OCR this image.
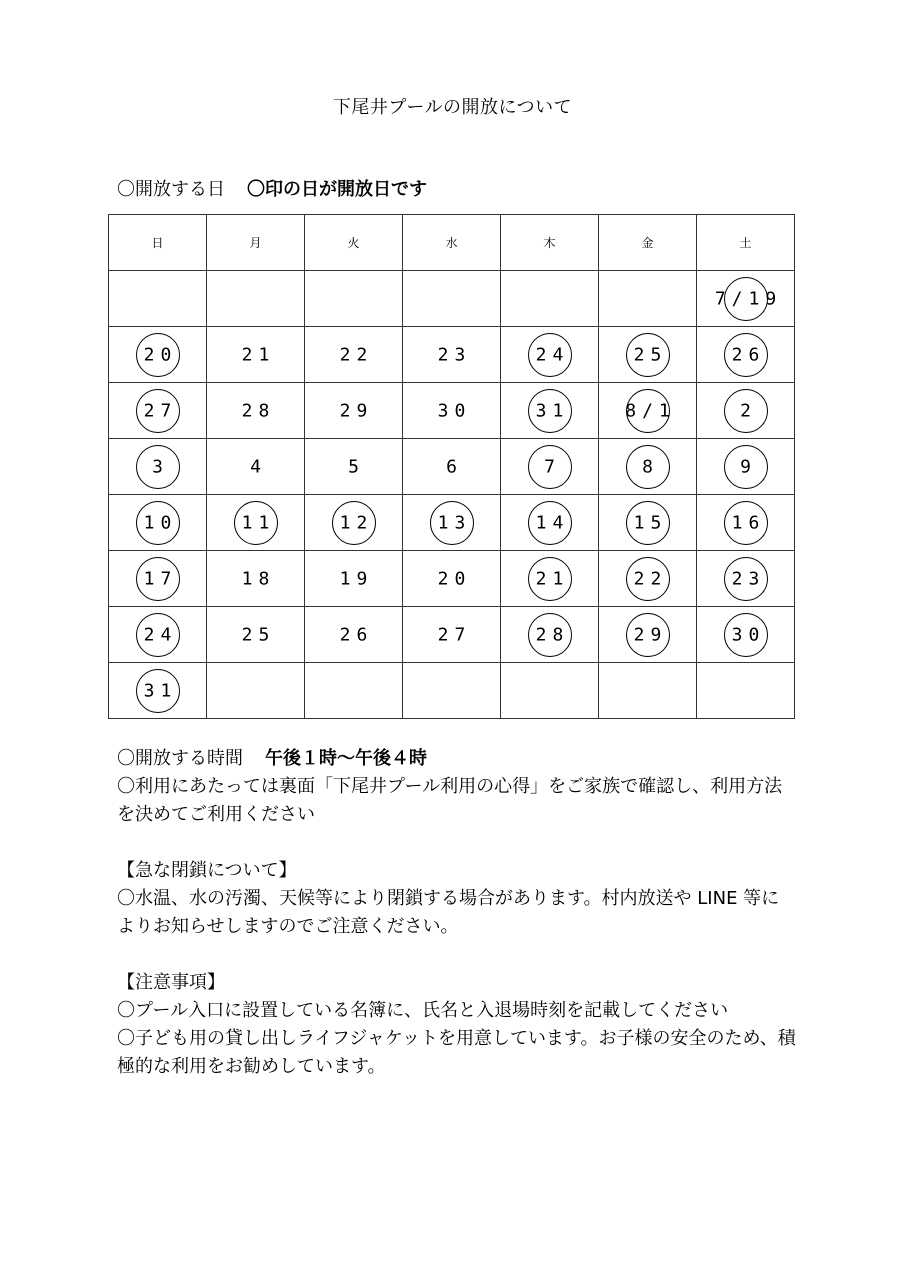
下尾井プールの開放について
〇開放する日 〇印の日が開放日です
日	月	火	水	木	金	土

						7/19

20	21	22	23	24	25	26

27	28	29	30	31	8/1	2

3	4	5	6	7	8	9

10	11	12	13	14	15	16

17	18	19	20	21	22	23

24	25	26	27	28	29	30

31						

〇開放する時間 午後１時〜午後４時

〇利用にあたっては裏面「下尾井プール利用の心得」をご家族で確認し、利用方法を決めてご利用ください

【急な閉鎖について】

〇水温、水の汚濁、天候等により閉鎖する場合があります。村内放送や LINE 等によりお知らせしますのでご注意ください。

【注意事項】

〇プール入口に設置している名簿に、氏名と入退場時刻を記載してください

〇子ども用の貸し出しライフジャケットを用意しています。お子様の安全のため、積極的な利用をお勧めしています。
